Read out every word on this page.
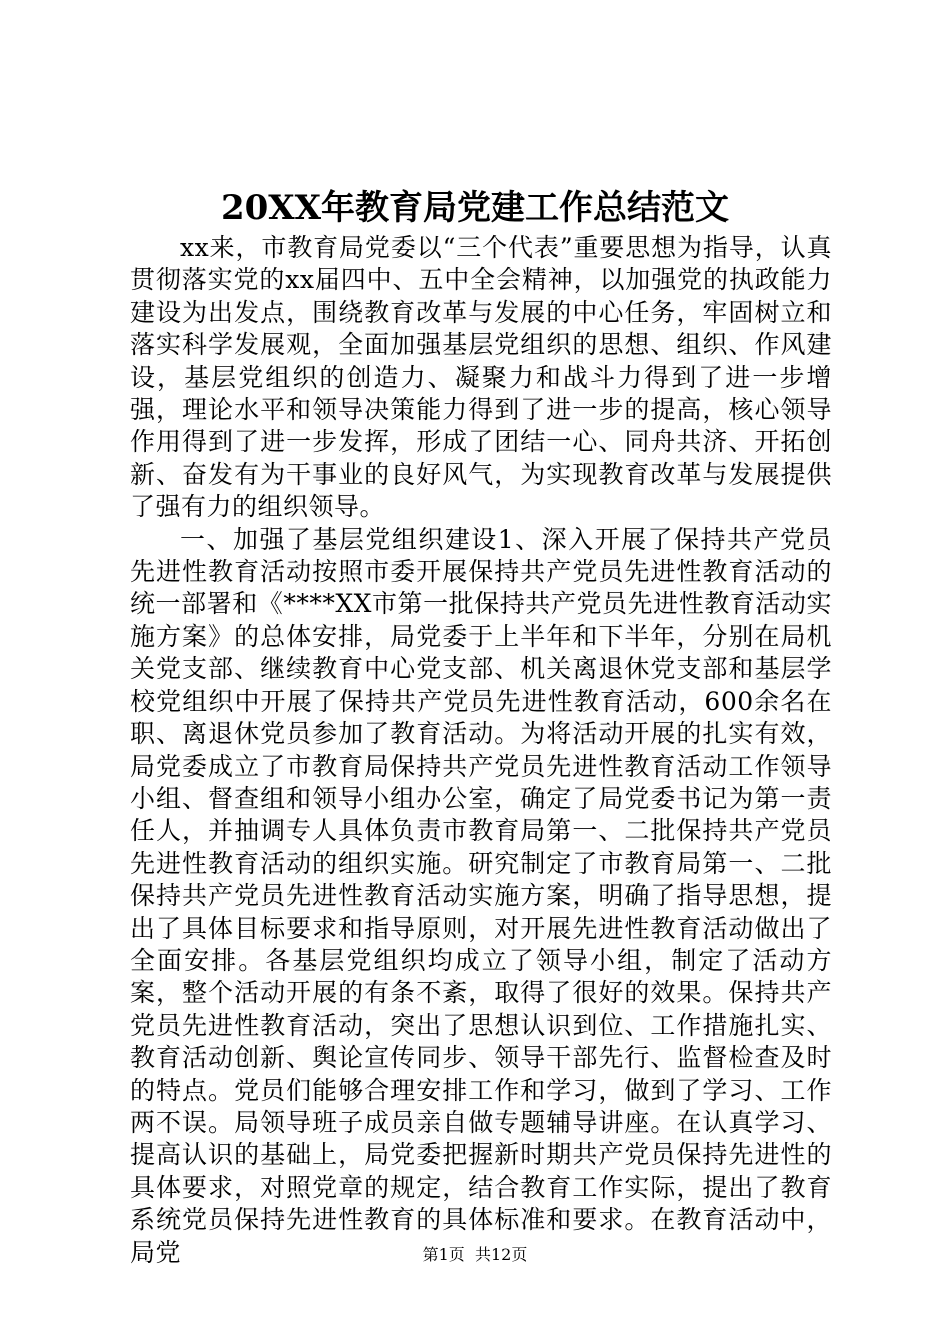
20XX年教育局党建工作总结范文

xx来，市教育局党委以“三个代表”重要思想为指导，认真贯彻落实党的xx届四中、五中全会精神，以加强党的执政能力建设为出发点，围绕教育改革与发展的中心任务，牢固树立和落实科学发展观，全面加强基层党组织的思想、组织、作风建设，基层党组织的创造力、凝聚力和战斗力得到了进一步增强，理论水平和领导决策能力得到了进一步的提高，核心领导作用得到了进一步发挥，形成了团结一心、同舟共济、开拓创新、奋发有为干事业的良好风气，为实现教育改革与发展提供了强有力的组织领导。

一、加强了基层党组织建设1、深入开展了保持共产党员先进性教育活动按照市委开展保持共产党员先进性教育活动的统一部署和《****XX市第一批保持共产党员先进性教育活动实施方案》的总体安排，局党委于上半年和下半年，分别在局机关党支部、继续教育中心党支部、机关离退休党支部和基层学校党组织中开展了保持共产党员先进性教育活动，600余名在职、离退休党员参加了教育活动。为将活动开展的扎实有效，局党委成立了市教育局保持共产党员先进性教育活动工作领导小组、督查组和领导小组办公室，确定了局党委书记为第一责任人，并抽调专人具体负责市教育局第一、二批保持共产党员先进性教育活动的组织实施。研究制定了市教育局第一、二批保持共产党员先进性教育活动实施方案，明确了指导思想，提出了具体目标要求和指导原则，对开展先进性教育活动做出了全面安排。各基层党组织均成立了领导小组，制定了活动方案，整个活动开展的有条不紊，取得了很好的效果。保持共产党员先进性教育活动，突出了思想认识到位、工作措施扎实、教育活动创新、舆论宣传同步、领导干部先行、监督检查及时的特点。党员们能够合理安排工作和学习，做到了学习、工作两不误。局领导班子成员亲自做专题辅导讲座。在认真学习、提高认识的基础上，局党委把握新时期共产党员保持先进性的具体要求，对照党章的规定，结合教育工作实际，提出了教育系统党员保持先进性教育的具体标准和要求。在教育活动中，局党	第1页 共12页
